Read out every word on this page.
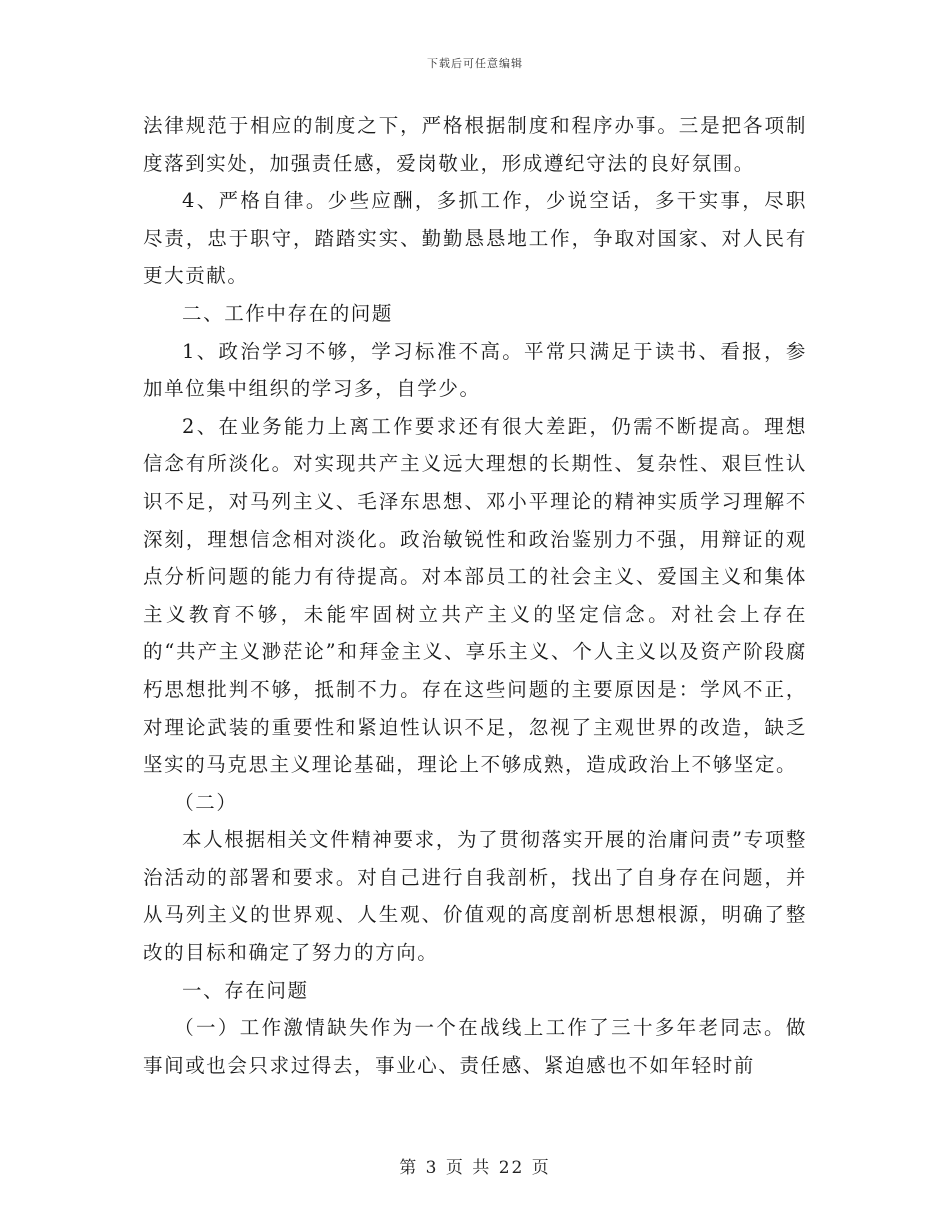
下载后可任意编辑

法律规范于相应的制度之下，严格根据制度和程序办事。三是把各项制度落到实处，加强责任感，爱岗敬业，形成遵纪守法的良好氛围。

4、严格自律。少些应酬，多抓工作，少说空话，多干实事，尽职尽责，忠于职守，踏踏实实、勤勤恳恳地工作，争取对国家、对人民有更大贡献。

二、工作中存在的问题

1、政治学习不够，学习标准不高。平常只满足于读书、看报，参加单位集中组织的学习多，自学少。

2、在业务能力上离工作要求还有很大差距，仍需不断提高。理想信念有所淡化。对实现共产主义远大理想的长期性、复杂性、艰巨性认识不足，对马列主义、毛泽东思想、邓小平理论的精神实质学习理解不深刻，理想信念相对淡化。政治敏锐性和政治鉴别力不强，用辩证的观点分析问题的能力有待提高。对本部员工的社会主义、爱国主义和集体主义教育不够，未能牢固树立共产主义的坚定信念。对社会上存在的“共产主义渺茫论”和拜金主义、享乐主义、个人主义以及资产阶段腐朽思想批判不够，抵制不力。存在这些问题的主要原因是：学风不正，对理论武装的重要性和紧迫性认识不足，忽视了主观世界的改造，缺乏坚实的马克思主义理论基础，理论上不够成熟，造成政治上不够坚定。

（二）

本人根据相关文件精神要求，为了贯彻落实开展的治庸问责”专项整治活动的部署和要求。对自己进行自我剖析，找出了自身存在问题，并从马列主义的世界观、人生观、价值观的高度剖析思想根源，明确了整改的目标和确定了努力的方向。

一、存在问题

（一）工作激情缺失作为一个在战线上工作了三十多年老同志。做事间或也会只求过得去，事业心、责任感、紧迫感也不如年轻时前

第 3 页 共 22 页
